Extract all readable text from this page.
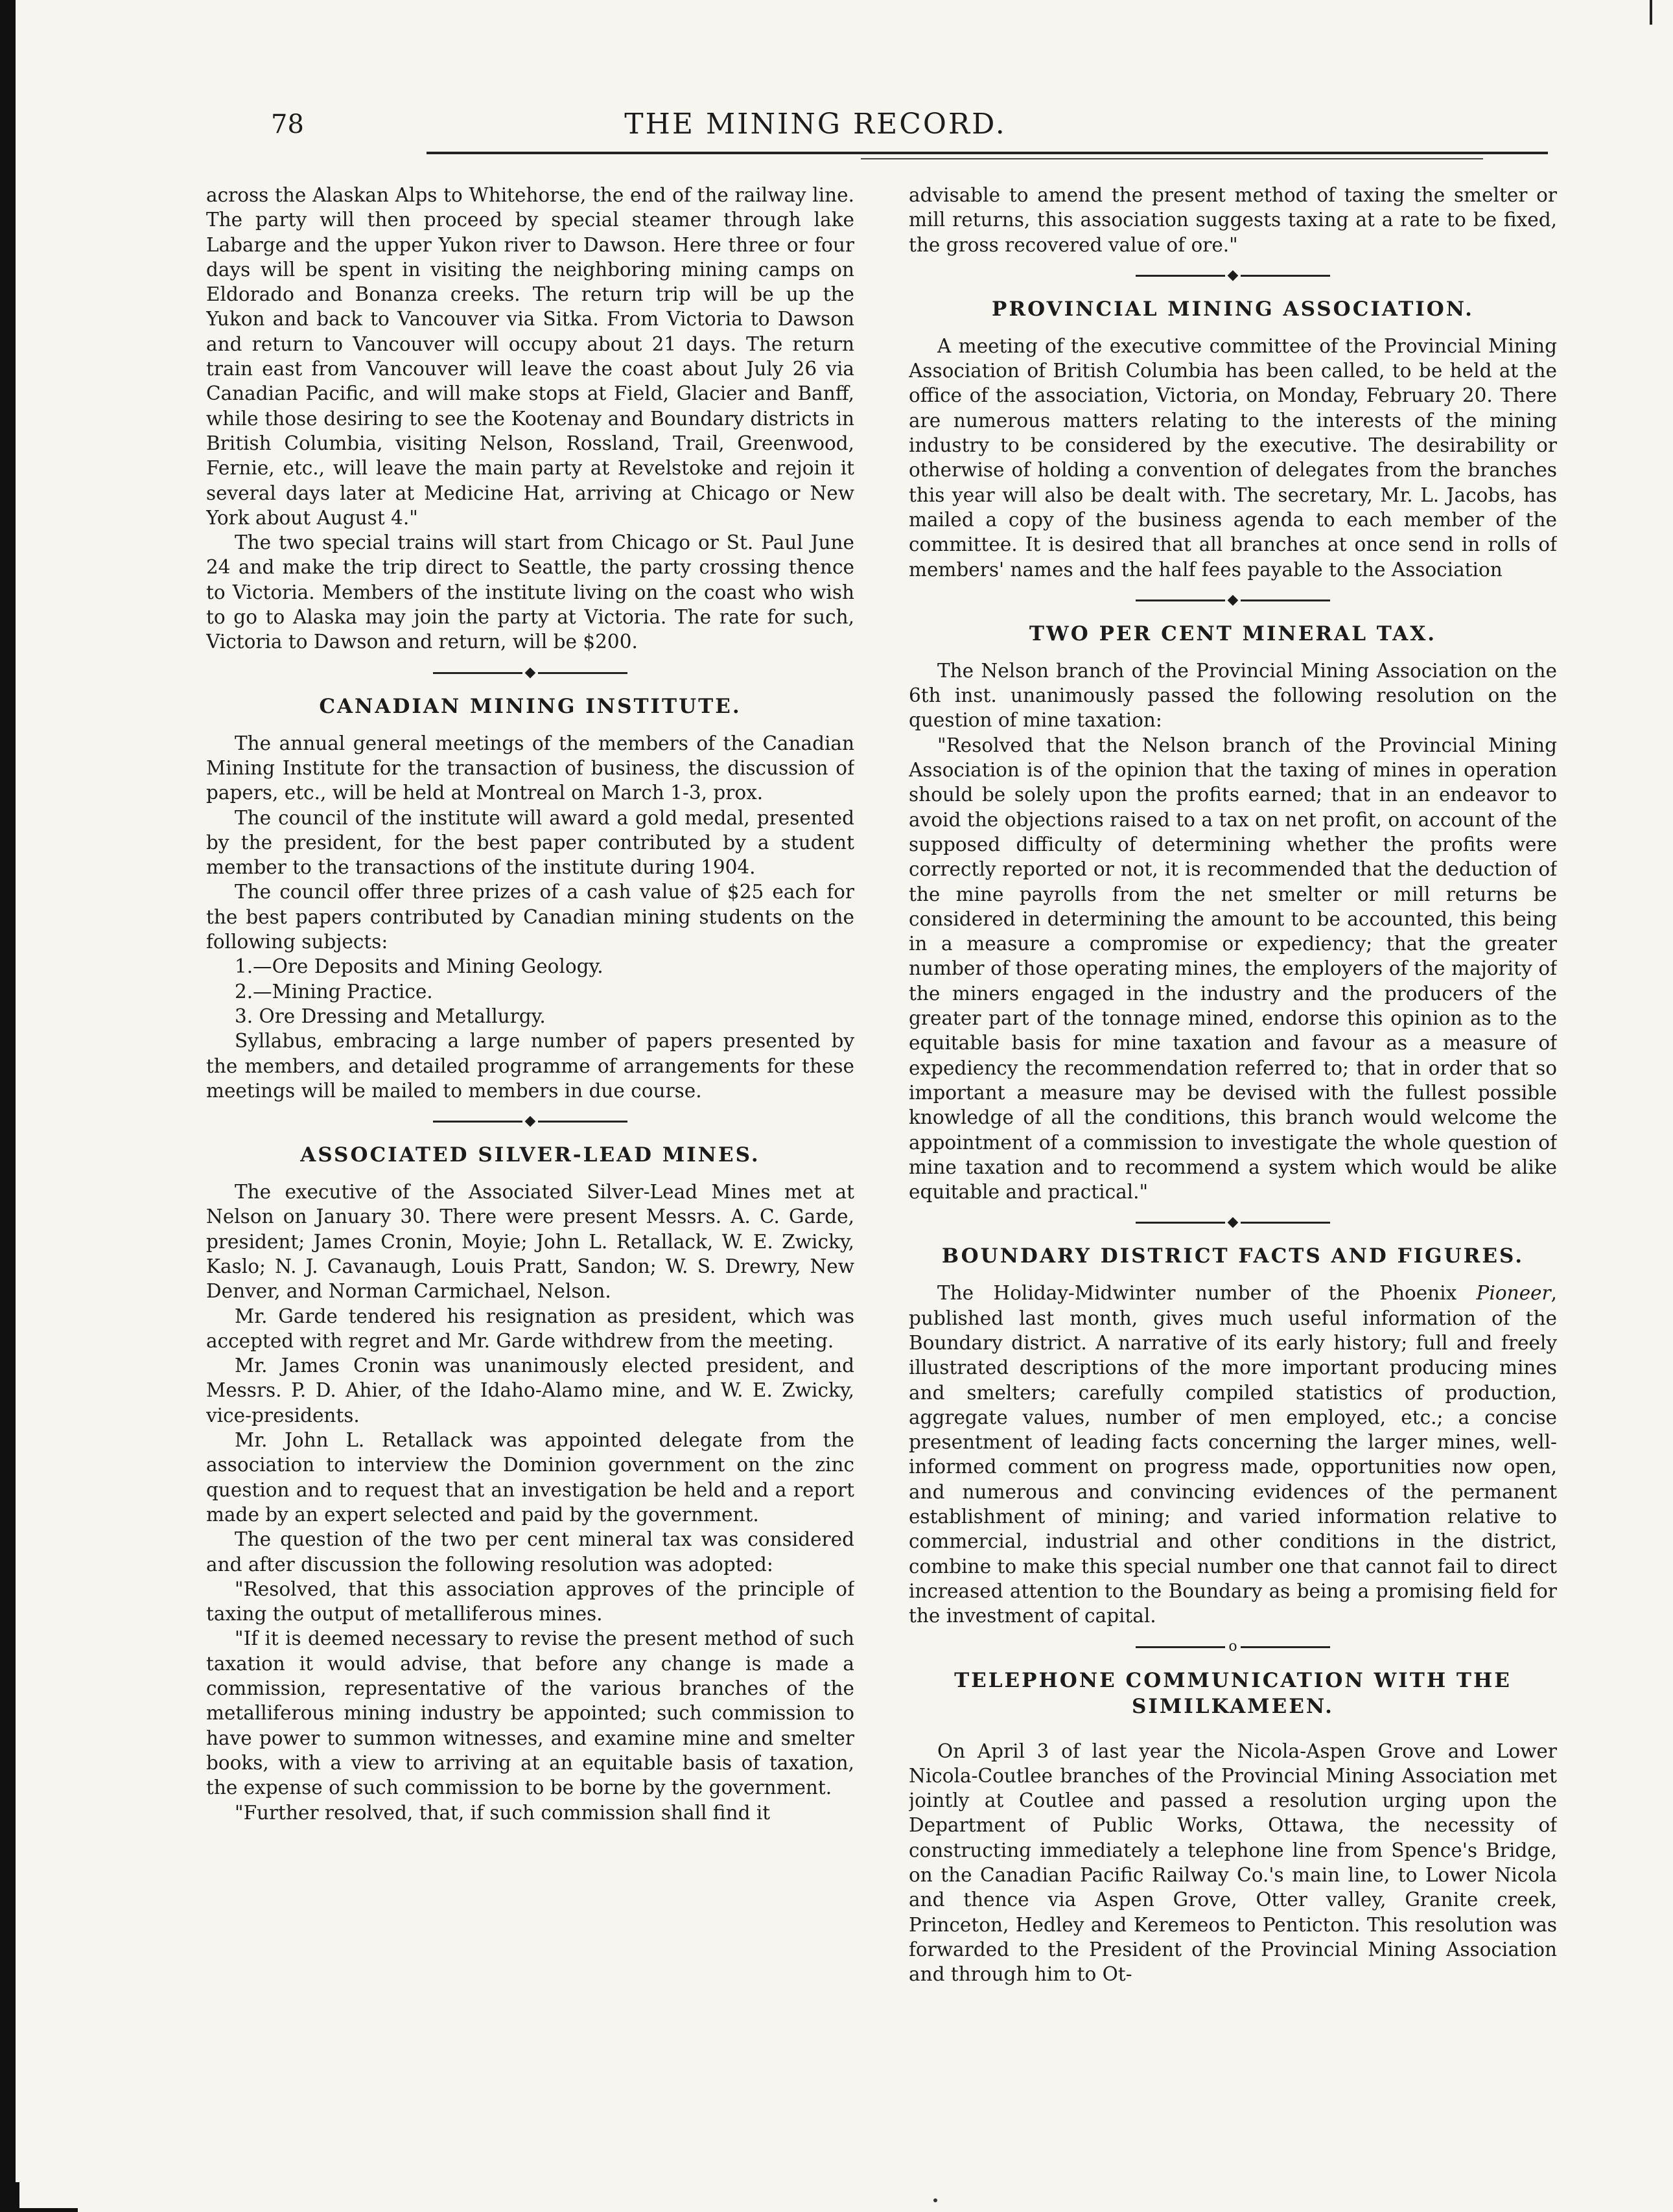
78	THE MINING RECORD.

across the Alaskan Alps to Whitehorse, the end of the railway line. The party will then proceed by special steamer through lake Labarge and the upper Yukon river to Dawson. Here three or four days will be spent in visiting the neighboring mining camps on Eldorado and Bonanza creeks. The return trip will be up the Yukon and back to Vancouver via Sitka. From Victoria to Dawson and return to Vancouver will occupy about 21 days. The return train east from Vancouver will leave the coast about July 26 via Canadian Pacific, and will make stops at Field, Glacier and Banff, while those desiring to see the Kootenay and Boundary districts in British Columbia, visiting Nelson, Rossland, Trail, Greenwood, Fernie, etc., will leave the main party at Revelstoke and rejoin it several days later at Medicine Hat, arriving at Chicago or New York about August 4."

The two special trains will start from Chicago or St. Paul June 24 and make the trip direct to Seattle, the party crossing thence to Victoria. Members of the institute living on the coast who wish to go to Alaska may join the party at Victoria. The rate for such, Victoria to Dawson and return, will be $200.

◆
CANADIAN MINING INSTITUTE.

The annual general meetings of the members of the Canadian Mining Institute for the transaction of business, the discussion of papers, etc., will be held at Montreal on March 1-3, prox.

The council of the institute will award a gold medal, presented by the president, for the best paper contributed by a student member to the transactions of the institute during 1904.

The council offer three prizes of a cash value of $25 each for the best papers contributed by Canadian mining students on the following subjects:

1.—Ore Deposits and Mining Geology.

2.—Mining Practice.

3. Ore Dressing and Metallurgy.

Syllabus, embracing a large number of papers presented by the members, and detailed programme of arrangements for these meetings will be mailed to members in due course.

◆
ASSOCIATED SILVER-LEAD MINES.

The executive of the Associated Silver-Lead Mines met at Nelson on January 30. There were present Messrs. A. C. Garde, president; James Cronin, Moyie; John L. Retallack, W. E. Zwicky, Kaslo; N. J. Cavanaugh, Louis Pratt, Sandon; W. S. Drewry, New Denver, and Norman Carmichael, Nelson.

Mr. Garde tendered his resignation as president, which was accepted with regret and Mr. Garde withdrew from the meeting.

Mr. James Cronin was unanimously elected president, and Messrs. P. D. Ahier, of the Idaho-Alamo mine, and W. E. Zwicky, vice-presidents.

Mr. John L. Retallack was appointed delegate from the association to interview the Dominion government on the zinc question and to request that an investigation be held and a report made by an expert selected and paid by the government.

The question of the two per cent mineral tax was considered and after discussion the following resolution was adopted:

"Resolved, that this association approves of the principle of taxing the output of metalliferous mines.

"If it is deemed necessary to revise the present method of such taxation it would advise, that before any change is made a commission, representative of the various branches of the metalliferous mining industry be appointed; such commission to have power to summon witnesses, and examine mine and smelter books, with a view to arriving at an equitable basis of taxation, the expense of such commission to be borne by the government.

"Further resolved, that, if such commission shall find it

advisable to amend the present method of taxing the smelter or mill returns, this association suggests taxing at a rate to be fixed, the gross recovered value of ore."

◆
PROVINCIAL MINING ASSOCIATION.

A meeting of the executive committee of the Provincial Mining Association of British Columbia has been called, to be held at the office of the association, Victoria, on Monday, February 20. There are numerous matters relating to the interests of the mining industry to be considered by the executive. The desirability or otherwise of holding a convention of delegates from the branches this year will also be dealt with. The secretary, Mr. L. Jacobs, has mailed a copy of the business agenda to each member of the committee. It is desired that all branches at once send in rolls of members' names and the half fees payable to the Association

◆
TWO PER CENT MINERAL TAX.

The Nelson branch of the Provincial Mining Association on the 6th inst. unanimously passed the following resolution on the question of mine taxation:

"Resolved that the Nelson branch of the Provincial Mining Association is of the opinion that the taxing of mines in operation should be solely upon the profits earned; that in an endeavor to avoid the objections raised to a tax on net profit, on account of the supposed difficulty of determining whether the profits were correctly reported or not, it is recommended that the deduction of the mine payrolls from the net smelter or mill returns be considered in determining the amount to be accounted, this being in a measure a compromise or expediency; that the greater number of those operating mines, the employers of the majority of the miners engaged in the industry and the producers of the greater part of the tonnage mined, endorse this opinion as to the equitable basis for mine taxation and favour as a measure of expediency the recommendation referred to; that in order that so important a measure may be devised with the fullest possible knowledge of all the conditions, this branch would welcome the appointment of a commission to investigate the whole question of mine taxation and to recommend a system which would be alike equitable and practical."

◆
BOUNDARY DISTRICT FACTS AND FIGURES.

The Holiday-Midwinter number of the Phoenix Pioneer, published last month, gives much useful information of the Boundary district. A narrative of its early history; full and freely illustrated descriptions of the more important producing mines and smelters; carefully compiled statistics of production, aggregate values, number of men employed, etc.; a concise presentment of leading facts concerning the larger mines, well-informed comment on progress made, opportunities now open, and numerous and convincing evidences of the permanent establishment of mining; and varied information relative to commercial, industrial and other conditions in the district, combine to make this special number one that cannot fail to direct increased attention to the Boundary as being a promising field for the investment of capital.

o
TELEPHONE COMMUNICATION WITH THE SIMILKAMEEN.

On April 3 of last year the Nicola-Aspen Grove and Lower Nicola-Coutlee branches of the Provincial Mining Association met jointly at Coutlee and passed a resolution urging upon the Department of Public Works, Ottawa, the necessity of constructing immediately a telephone line from Spence's Bridge, on the Canadian Pacific Railway Co.'s main line, to Lower Nicola and thence via Aspen Grove, Otter valley, Granite creek, Princeton, Hedley and Keremeos to Penticton. This resolution was forwarded to the President of the Provincial Mining Association and through him to Ot-
